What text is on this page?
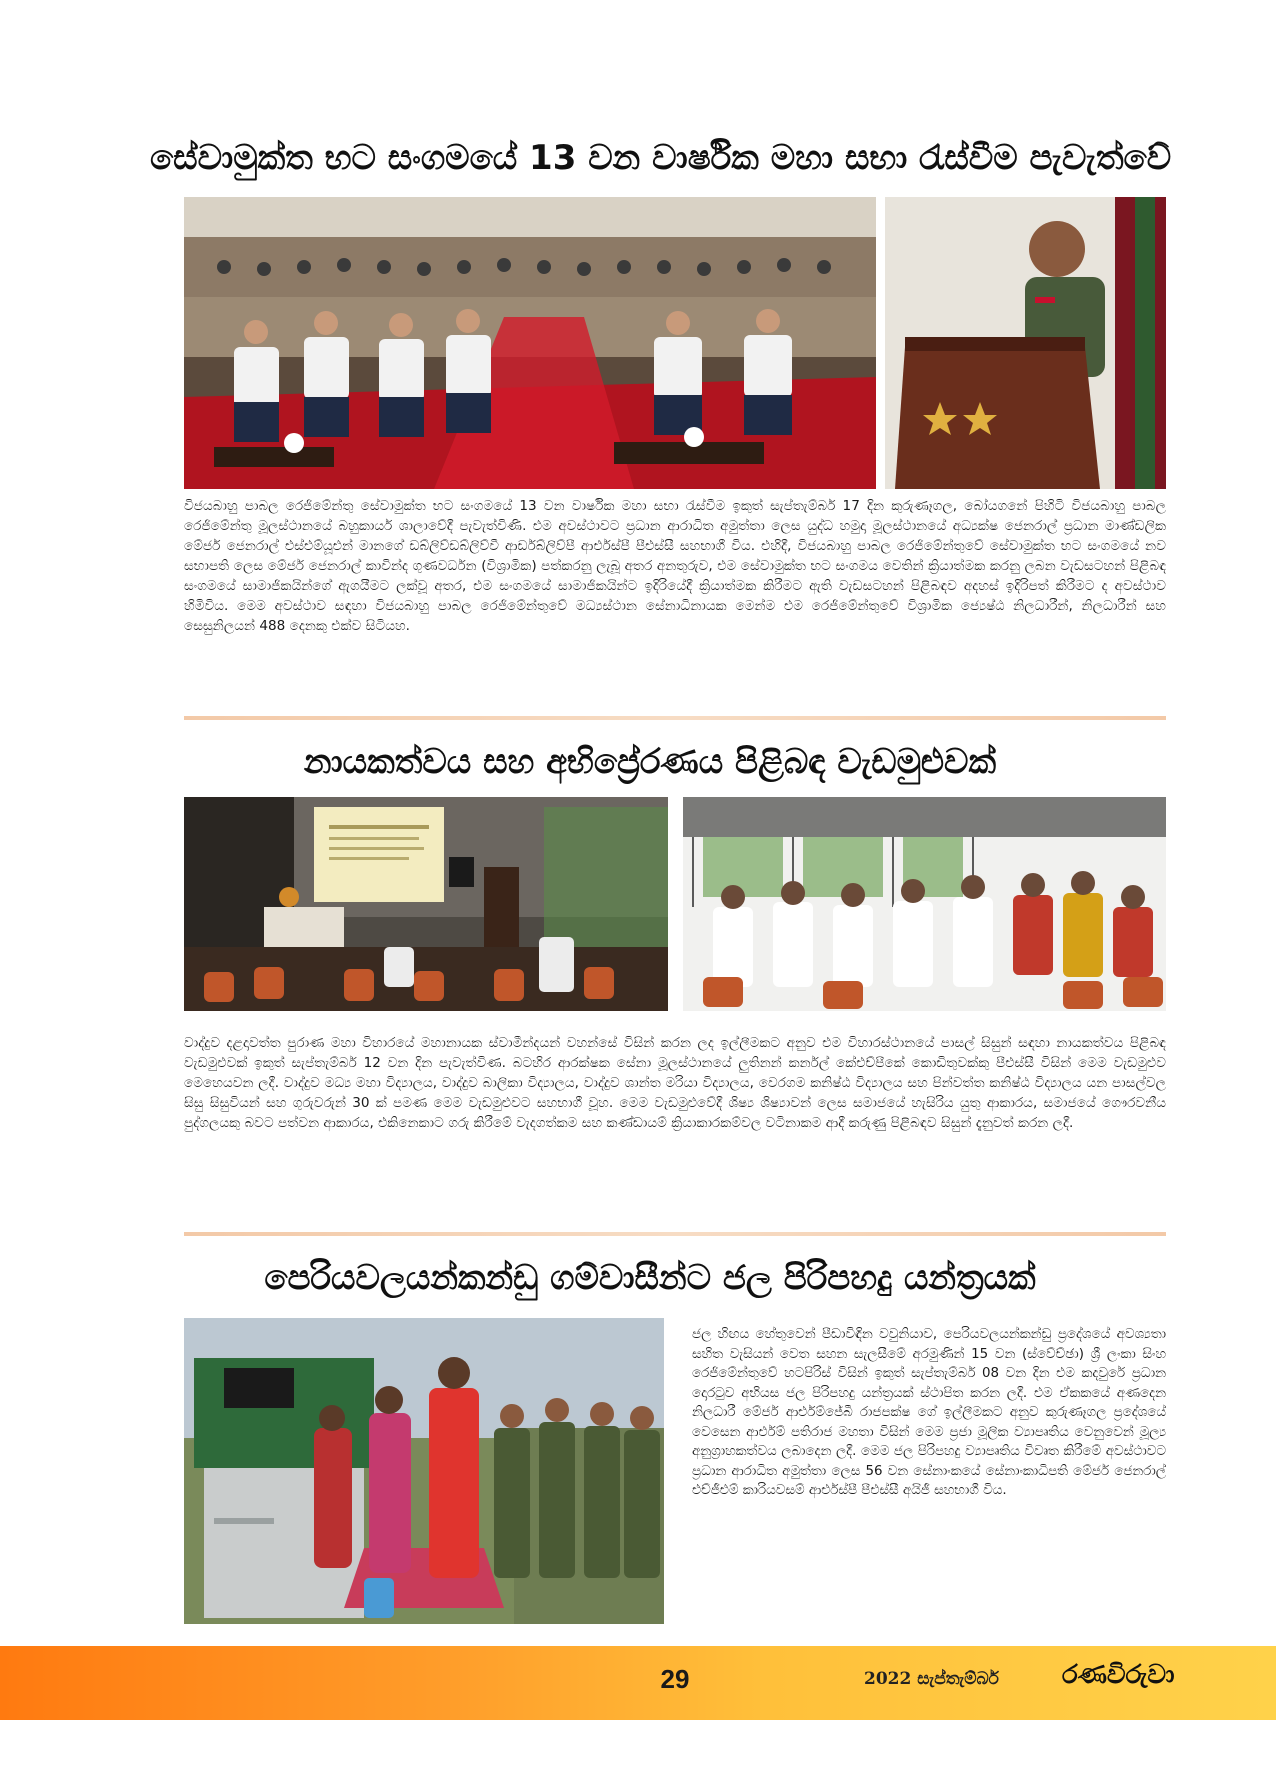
සේවාමුක්ත භට සංගමයේ 13 වන වාර්ෂික මහා සභා රැස්වීම පැවැත්වේ
විජයබාහු පාබල රෙජිමේන්තු සේවාමුක්ත භට සංගමයේ 13 වන වාර්ෂික මහා සභා රැස්වීම ඉකුත් සැප්තැම්බර් 17 දින කුරුණෑගල, බෝයගනේ පිහිටි විජයබාහු පාබල රෙජිමේන්තු මූලස්ථානයේ බහුකාර්ය ශාලාවේදී පැවැත්විණි. එම අවස්ථාවට ප්‍රධාන ආරාධිත අමුත්තා ලෙස යුද්ධ හමුදා මූලස්ථානයේ අධ්‍යක්ෂ ජෙනරාල් ප්‍රධාන මාණ්ඩලික මේජර් ජෙනරාල් එස්එම්යූඑන් මානගේ ඩබ්ලිව්ඩබ්ලිව්වී ආර්ඩබ්ලිව්පී ආර්එස්පී පීඑස්සී සහභාගී විය. එහිදී, විජයබාහු පාබල රෙජිමේන්තුවේ සේවාමුක්ත භට සංගමයේ නව සභාපති ලෙස මේජර් ජෙනරාල් කාවින්ද ගුණවර්ධන (විශ්‍රාමික) පත්කරනු ලැබූ අතර අනතුරුව, එම සේවාමුක්ත භට සංගමය වෙතින් ක්‍රියාත්මක කරනු ලබන වැඩසටහන් පිළිබඳ සංගමයේ සාමාජිකයින්ගේ ඇගයීමට ලක්වූ අතර, එම සංගමයේ සාමාජිකයින්ට ඉදිරියේදී ක්‍රියාත්මක කිරීමට ඇති වැඩසටහන් පිළිබඳව අදහස් ඉදිරිපත් කිරීමට ද අවස්ථාව හිමිවිය. මෙම අවස්ථාව සඳහා විජයබාහු පාබල රෙජිමේන්තුවේ මධ්‍යස්ථාන සේනාධිනායක මෙන්ම එම රෙජිමේන්තුවේ විශ්‍රාමික ජ්‍යෙෂ්ඨ නිලධාරීන්, නිලධාරීන් සහ සෙසුනිලයන් 488 දෙනකු එක්ව සිටියහ.
නායකත්වය සහ අභිප්‍රේරණය පිළිබඳ වැඩමුළුවක්
වාද්දුව දළදාවත්ත පුරාණ මහා විහාරයේ මහානායක ස්වාමීන්දයන් වහන්සේ විසින් කරන ලද ඉල්ලීමකට අනුව එම විහාරස්ථානයේ පාසල් සිසුන් සඳහා නායකත්වය පිළිබඳ වැඩමුළුවක් ඉකුත් සැප්තැම්බර් 12 වන දින පැවැත්විණ. බටහිර ආරක්ෂක සේනා මූලස්ථානයේ ලුතිනන් කර්නල් කේඑච්පීකේ කොඩිතුවක්කු පීඑස්සී විසින් මෙම වැඩමුළුව මෙහෙයවන ලදී. වාද්දුව මධ්‍ය මහා විද්‍යාලය, වාද්දුව බාලිකා විද්‍යාලය, වාද්දුව ශාන්ත මරියා විද්‍යාලය, වෙරගම කනිෂ්ඨ විද්‍යාලය සහ පින්වත්ත කනිෂ්ඨ විද්‍යාලය යන පාසල්වල සිසු සිසුවියන් සහ ගුරුවරුන් 30 ක් පමණ මෙම වැඩමුළුවට සහභාගී වූහ. මෙම වැඩමුළුවේදී ශිෂ්‍ය ශිෂ්‍යාවන් ලෙස සමාජයේ හැසිරිය යුතු ආකාරය, සමාජයේ ගෞරවනීය පුද්ගලයකු බවට පත්වන ආකාරය, එකිනෙකාට ගරු කිරීමේ වැදගත්කම සහ කණ්ඩායම් ක්‍රියාකාරකම්වල වටිනාකම ආදී කරුණු පිළිබඳව සිසුන් දැනුවත් කරන ලදී.
පෙරියවලයන්කන්ඩු ගම්වාසීන්ට ජල පිරිපහදු යන්ත්‍රයක්
ජල හිඟය හේතුවෙන් පීඩාවිඳින වවුනියාව, පෙරියවලයන්කන්ඩු ප්‍රදේශයේ අවශ්‍යතා සහිත වැසියන් වෙත සහන සැලසීමේ අරමුණින් 15 වන (ස්වේච්ඡා) ශ්‍රී ලංකා සිංහ රෙජිමේන්තුවේ හටපිරිස් විසින් ඉකුත් සැප්තැම්බර් 08 වන දින එම කදවුරේ ප්‍රධාන දොරටුව අභියස ජල පිරිපහදු යන්ත්‍රයක් ස්ථාපිත කරන ලදී. එම ඒකකයේ අණදෙන නිලධාරී මේජර් ආර්එම්ජේබී රාජපක්ෂ ගේ ඉල්ලීමකට අනුව කුරුණෑගල ප්‍රදේශයේ වෙසෙන ආර්එම් පතිරාජ මහතා විසින් මෙම ප්‍රජා මූලික ව්‍යාපෘතිය වෙනුවෙන් මූල්‍ය අනුග්‍රාහකත්වය ලබාදෙන ලදී. මෙම ජල පිරිපහදු ව්‍යාපෘතිය විවෘත කිරීමේ අවස්ථාවට ප්‍රධාන ආරාධිත අමුත්තා ලෙස 56 වන සේනාංකයේ සේනාංකාධිපති මේජර් ජෙනරාල් එච්ජීඑම් කාරියවසම් ආර්එස්පී පීඑස්සී අයිජී සහභාගී විය.
29	2022 සැප්තැම්බර් රණවිරුවා
